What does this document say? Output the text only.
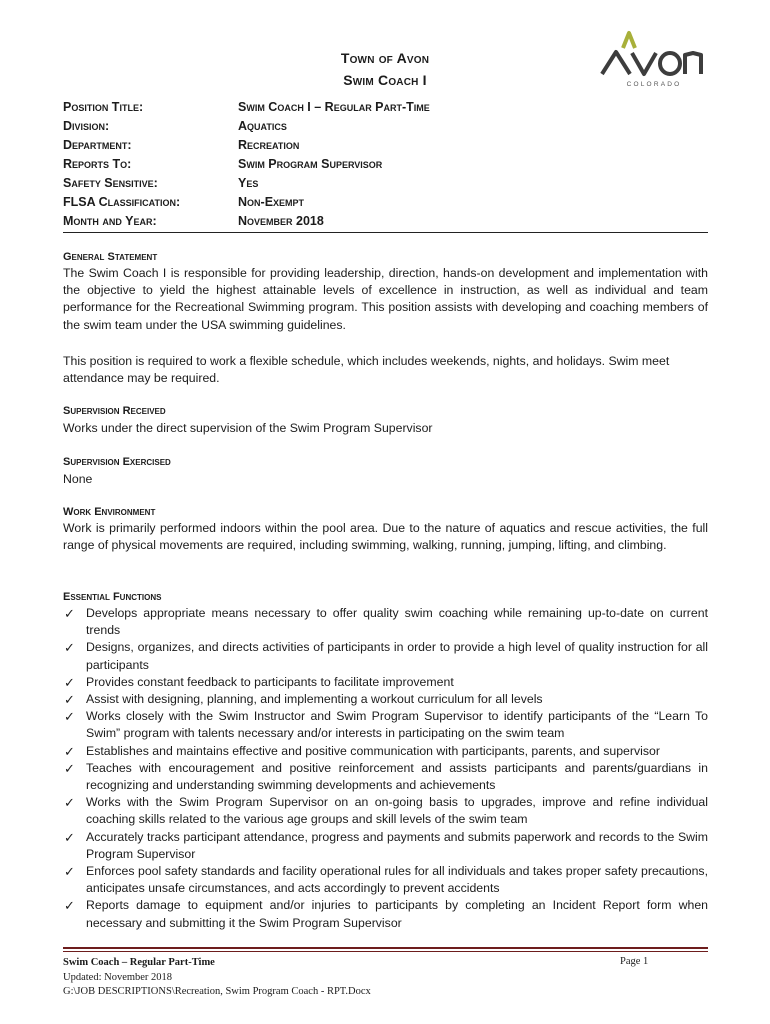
Town of Avon
Swim Coach I	COLORADO
Position Title:	Swim Coach I – Regular Part-Time
Division:	Aquatics
Department:	Recreation
Reports To:	Swim Program Supervisor
Safety Sensitive:	Yes
FLSA Classification:	Non-Exempt
Month and Year:	November 2018
General Statement
The Swim Coach I is responsible for providing leadership, direction, hands-on development and implementation with the objective to yield the highest attainable levels of excellence in instruction, as well as individual and team performance for the Recreational Swimming program. This position assists with developing and coaching members of the swim team under the USA swimming guidelines.
This position is required to work a flexible schedule, which includes weekends, nights, and holidays. Swim meet attendance may be required.
Supervision Received
Works under the direct supervision of the Swim Program Supervisor
Supervision Exercised
None
Work Environment
Work is primarily performed indoors within the pool area. Due to the nature of aquatics and rescue activities, the full range of physical movements are required, including swimming, walking, running, jumping, lifting, and climbing.
Essential Functions
✓ Develops appropriate means necessary to offer quality swim coaching while remaining up-to-date on current trends
✓ Designs, organizes, and directs activities of participants in order to provide a high level of quality instruction for all participants
✓ Provides constant feedback to participants to facilitate improvement
✓ Assist with designing, planning, and implementing a workout curriculum for all levels
✓ Works closely with the Swim Instructor and Swim Program Supervisor to identify participants of the “Learn To Swim” program with talents necessary and/or interests in participating on the swim team
✓ Establishes and maintains effective and positive communication with participants, parents, and supervisor
✓ Teaches with encouragement and positive reinforcement and assists participants and parents/guardians in recognizing and understanding swimming developments and achievements
✓ Works with the Swim Program Supervisor on an on-going basis to upgrades, improve and refine individual coaching skills related to the various age groups and skill levels of the swim team
✓ Accurately tracks participant attendance, progress and payments and submits paperwork and records to the Swim Program Supervisor
✓ Enforces pool safety standards and facility operational rules for all individuals and takes proper safety precautions, anticipates unsafe circumstances, and acts accordingly to prevent accidents
✓ Reports damage to equipment and/or injuries to participants by completing an Incident Report form when necessary and submitting it the Swim Program Supervisor
Swim Coach – Regular Part-Time
Updated: November 2018
G:\JOB DESCRIPTIONS\Recreation, Swim Program Coach - RPT.Docx
Page 1
